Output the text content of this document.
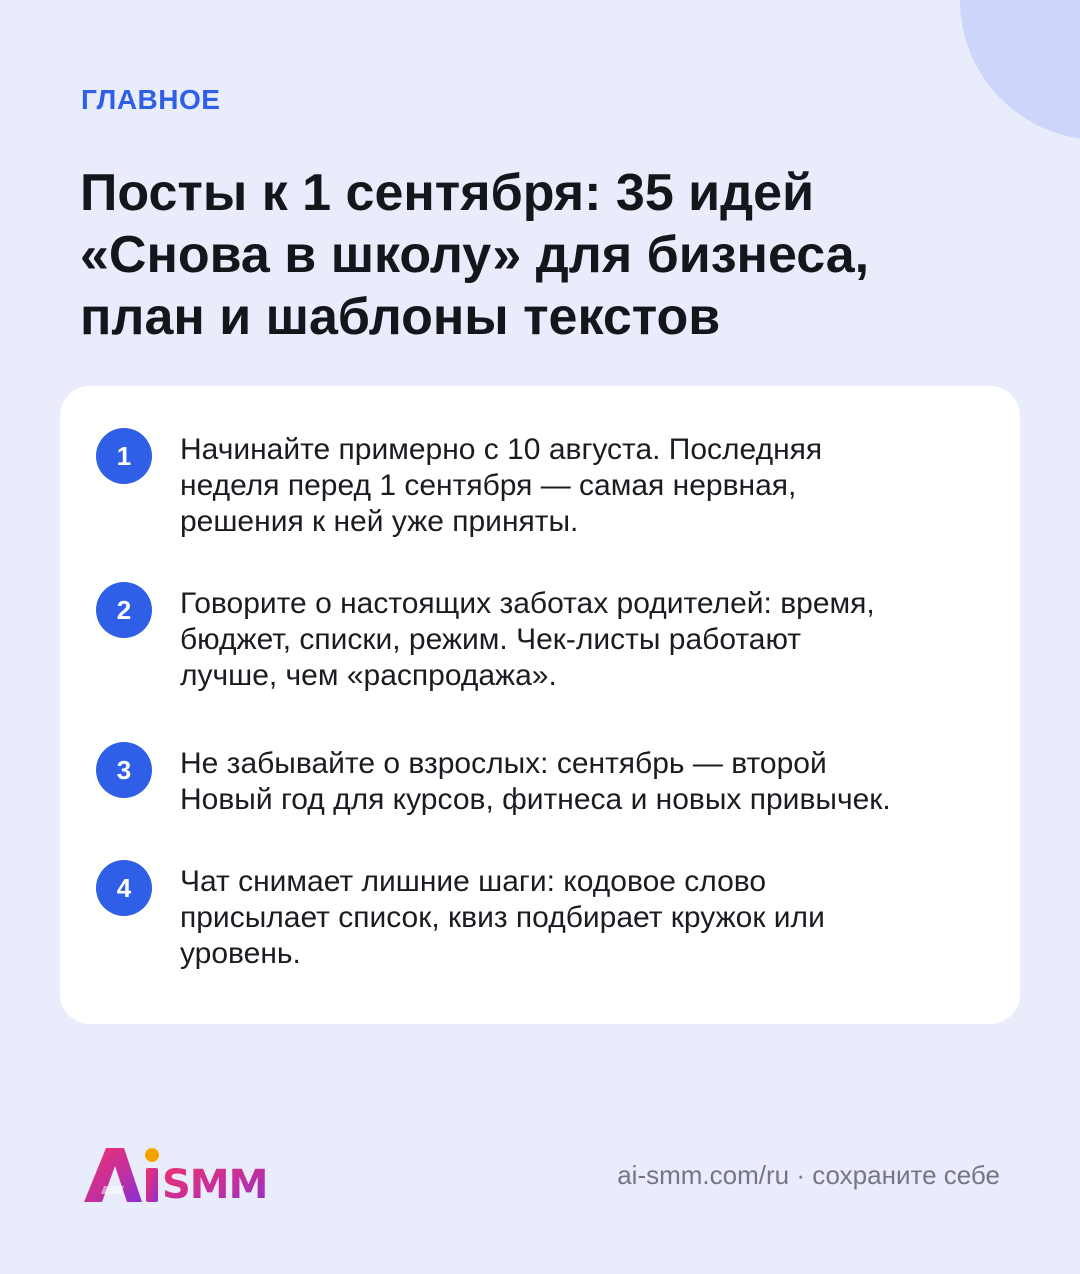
ГЛАВНОЕ
Посты к 1 сентября: 35 идей
«Снова в школу» для бизнеса,
план и шаблоны текстов
1	Начинайте примерно с 10 августа. Последняя
неделя перед 1 сентября — самая нервная,
решения к ней уже приняты.
2	Говорите о настоящих заботах родителей: время,
бюджет, списки, режим. Чек-листы работают
лучше, чем «распродажа».
3	Не забывайте о взрослых: сентябрь — второй
Новый год для курсов, фитнеса и новых привычек.
4	Чат снимает лишние шаги: кодовое слово
присылает список, квиз подбирает кружок или
уровень.
SMM	ai-smm.com/ru · сохраните себе
